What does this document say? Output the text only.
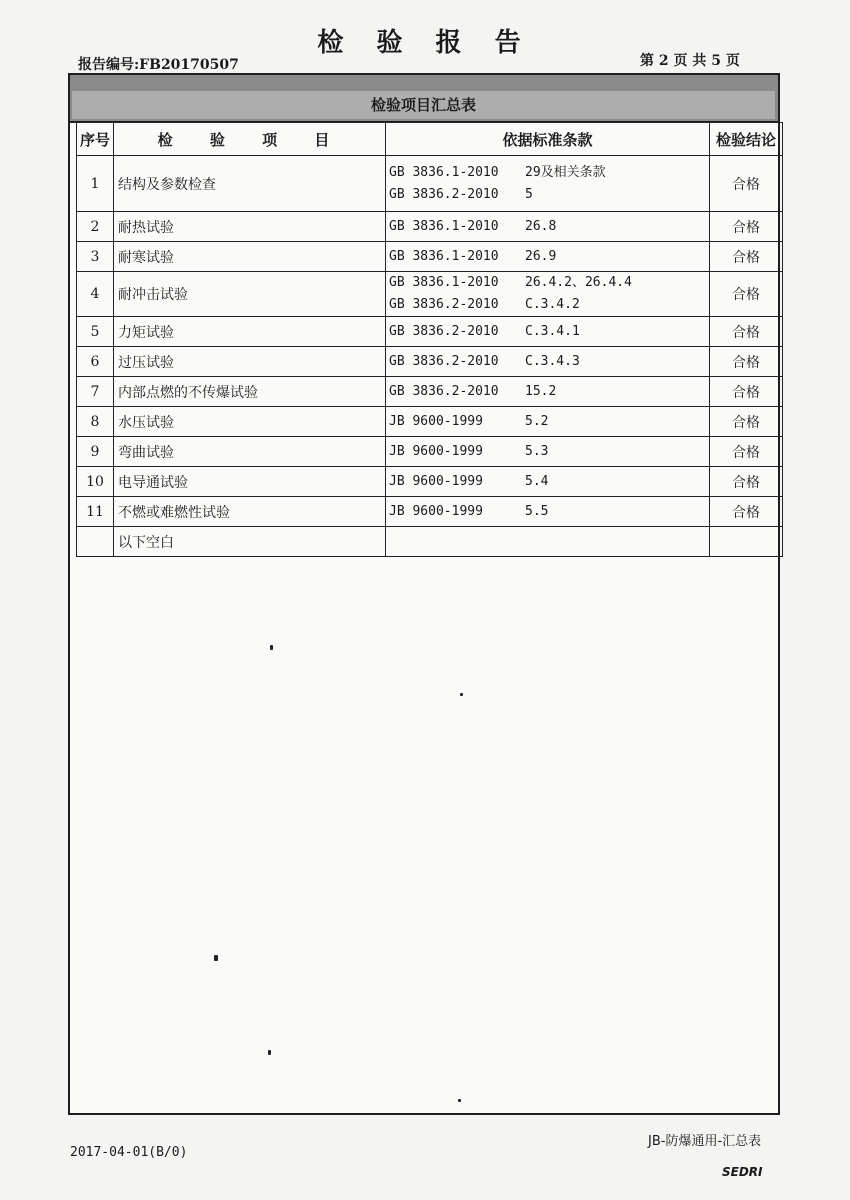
检 验 报 告
报告编号:FB20170507	第 2 页 共 5 页
检验项目汇总表
序号	检 验 项 目	依据标准条款	检验结论
1	结构及参数检查	GB 3836.1-2010 29及相关条款
GB 3836.2-2010 5	合格
2	耐热试验	GB 3836.1-2010 26.8	合格
3	耐寒试验	GB 3836.1-2010 26.9	合格
4	耐冲击试验	GB 3836.1-2010 26.4.2、26.4.4
GB 3836.2-2010 C.3.4.2	合格
5	力矩试验	GB 3836.2-2010 C.3.4.1	合格
6	过压试验	GB 3836.2-2010 C.3.4.3	合格
7	内部点燃的不传爆试验	GB 3836.2-2010 15.2	合格
8	水压试验	JB 9600-1999 5.2	合格
9	弯曲试验	JB 9600-1999 5.3	合格
10	电导通试验	JB 9600-1999 5.4	合格
11	不燃或难燃性试验	JB 9600-1999 5.5	合格
	以下空白		
2017-04-01(B/0)
JB-防爆通用-汇总表
SEDRI
